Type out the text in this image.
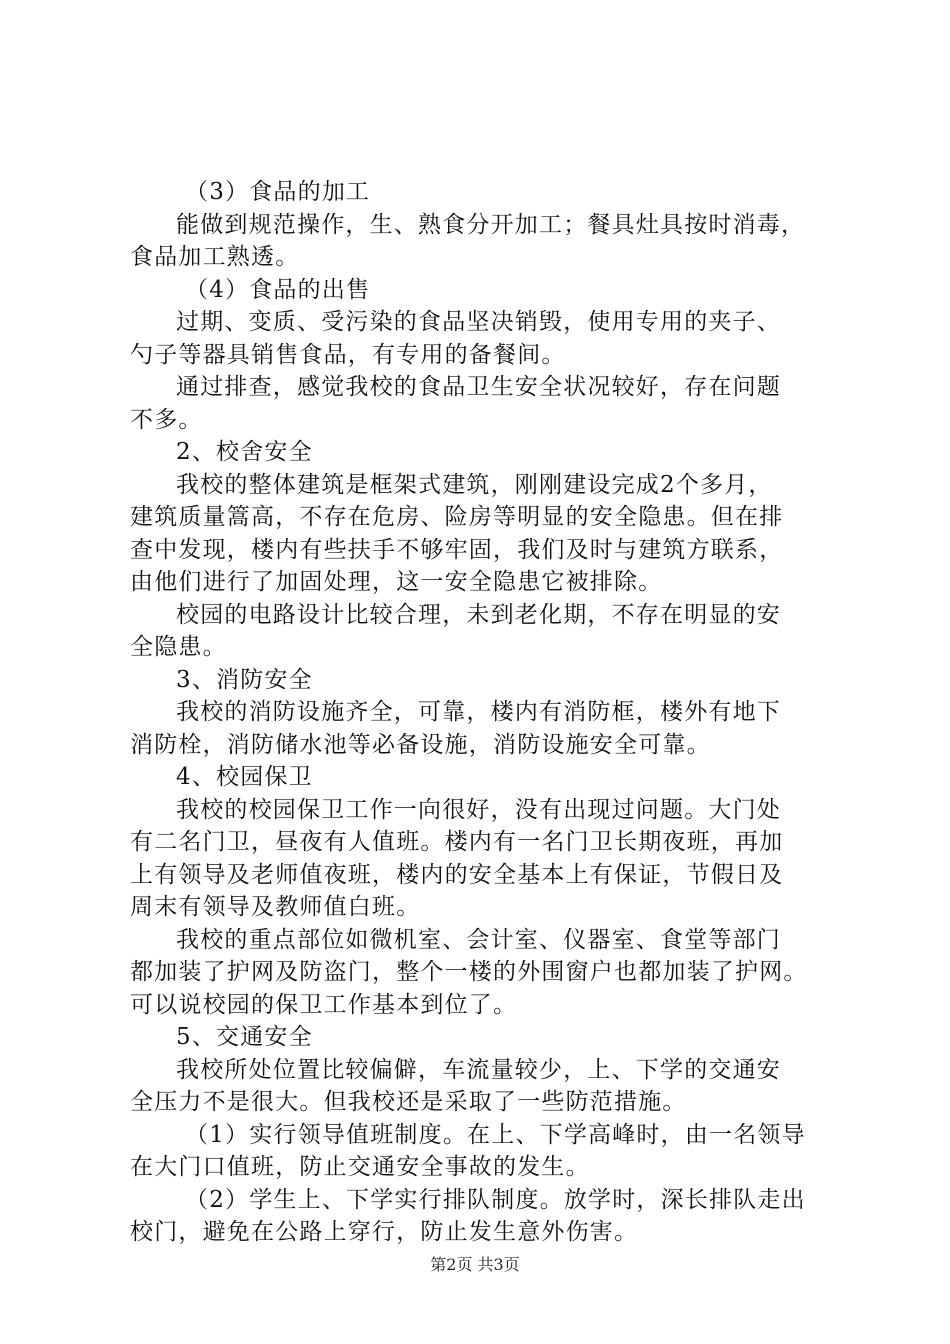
（3）食品的加工
能做到规范操作，生、熟食分开加工；餐具灶具按时消毒，
食品加工熟透。
（4）食品的出售
过期、变质、受污染的食品坚决销毁，使用专用的夹子、
勺子等器具销售食品，有专用的备餐间。
通过排查，感觉我校的食品卫生安全状况较好，存在问题
不多。
2、校舍安全
我校的整体建筑是框架式建筑，刚刚建设完成2个多月，
建筑质量篙高，不存在危房、险房等明显的安全隐患。但在排
查中发现，楼内有些扶手不够牢固，我们及时与建筑方联系，
由他们进行了加固处理，这一安全隐患它被排除。
校园的电路设计比较合理，未到老化期，不存在明显的安
全隐患。
3、消防安全
我校的消防设施齐全，可靠，楼内有消防框，楼外有地下
消防栓，消防储水池等必备设施，消防设施安全可靠。
4、校园保卫
我校的校园保卫工作一向很好，没有出现过问题。大门处
有二名门卫，昼夜有人值班。楼内有一名门卫长期夜班，再加
上有领导及老师值夜班，楼内的安全基本上有保证，节假日及
周末有领导及教师值白班。
我校的重点部位如微机室、会计室、仪器室、食堂等部门
都加装了护网及防盗门，整个一楼的外围窗户也都加装了护网。
可以说校园的保卫工作基本到位了。
5、交通安全
我校所处位置比较偏僻，车流量较少，上、下学的交通安
全压力不是很大。但我校还是采取了一些防范措施。
（1）实行领导值班制度。在上、下学高峰时，由一名领导
在大门口值班，防止交通安全事故的发生。
（2）学生上、下学实行排队制度。放学时，深长排队走出
校门，避免在公路上穿行，防止发生意外伤害。
第2页 共3页
